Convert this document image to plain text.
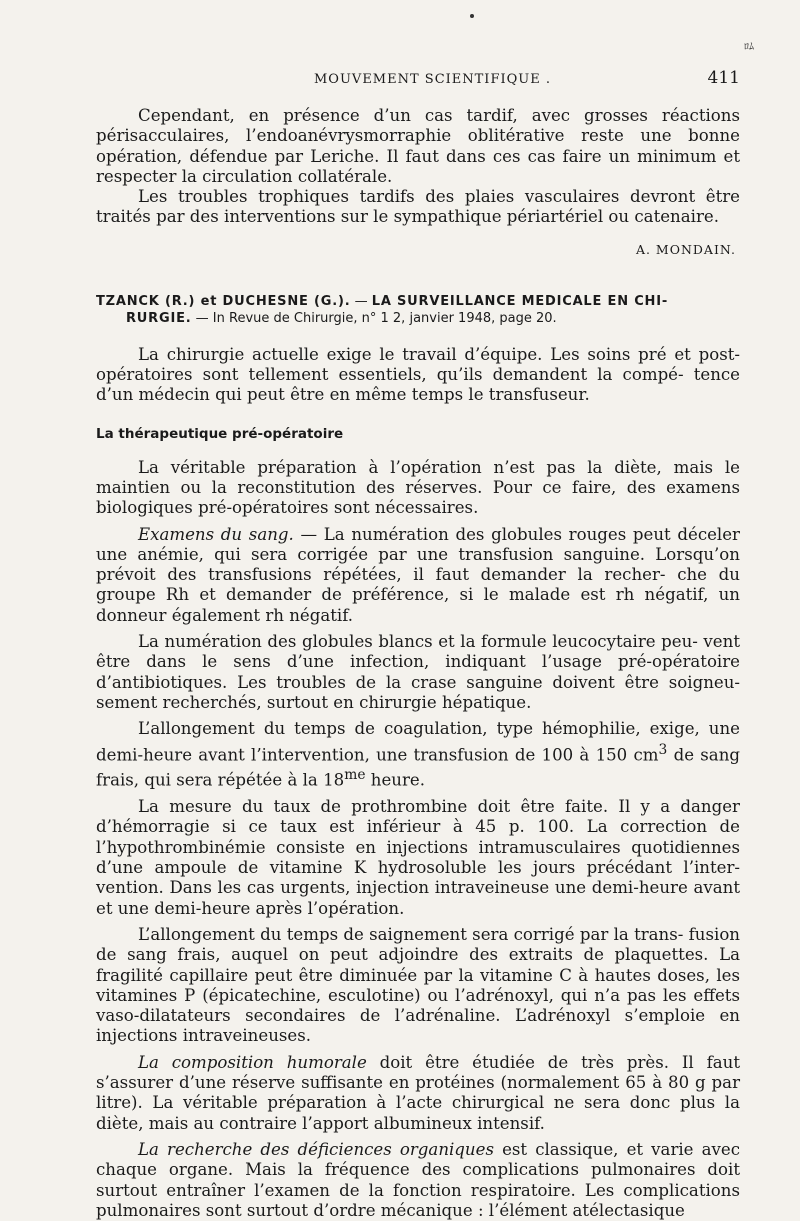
ﾛﾑ
MOUVEMENT SCIENTIFIQUE .	411

Cependant, en présence d’un cas tardif, avec grosses réactions périsacculaires, l’endoanévrysmorraphie oblitérative reste une bonne opération, défendue par Leriche. Il faut dans ces cas faire un minimum et respecter la circulation collatérale.

Les troubles trophiques tardifs des plaies vasculaires devront être traités par des interventions sur le sympathique périartériel ou catenaire.

A. MONDAIN.
TZANCK (R.) et DUCHESNE (G.). — LA SURVEILLANCE MEDICALE EN CHI-
RURGIE. — In Revue de Chirurgie, n° 1 2, janvier 1948, page 20.

La chirurgie actuelle exige le travail d’équipe. Les soins pré et post-opératoires sont tellement essentiels, qu’ils demandent la compé- tence d’un médecin qui peut être en même temps le transfuseur.

La thérapeutique pré-opératoire

La véritable préparation à l’opération n’est pas la diète, mais le maintien ou la reconstitution des réserves. Pour ce faire, des examens biologiques pré-opératoires sont nécessaires.

Examens du sang. — La numération des globules rouges peut déceler une anémie, qui sera corrigée par une transfusion sanguine. Lorsqu’on prévoit des transfusions répétées, il faut demander la recher- che du groupe Rh et demander de préférence, si le malade est rh négatif, un donneur également rh négatif.

La numération des globules blancs et la formule leucocytaire peu- vent être dans le sens d’une infection, indiquant l’usage pré-opératoire d’antibiotiques. Les troubles de la crase sanguine doivent être soigneu- sement recherchés, surtout en chirurgie hépatique.

L’allongement du temps de coagulation, type hémophilie, exige, une demi-heure avant l’intervention, une transfusion de 100 à 150 $cm^3$ de sang frais, qui sera répétée à la $18^{me}$ heure.

La mesure du taux de prothrombine doit être faite. Il y a danger d’hémorragie si ce taux est inférieur à 45 p. 100. La correction de l’hypothrombinémie consiste en injections intramusculaires quotidiennes d’une ampoule de vitamine K hydrosoluble les jours précédant l’inter- vention. Dans les cas urgents, injection intraveineuse une demi-heure avant et une demi-heure après l’opération.

L’allongement du temps de saignement sera corrigé par la trans- fusion de sang frais, auquel on peut adjoindre des extraits de plaquettes. La fragilité capillaire peut être diminuée par la vitamine C à hautes doses, les vitamines P (épicatechine, esculotine) ou l’adrénoxyl, qui n’a pas les effets vaso-dilatateurs secondaires de l’adrénaline. L’adrénoxyl s’emploie en injections intraveineuses.

La composition humorale doit être étudiée de très près. Il faut s’assurer d’une réserve suffisante en protéines (normalement 65 à 80 g par litre). La véritable préparation à l’acte chirurgical ne sera donc plus la diète, mais au contraire l’apport albumineux intensif.

La recherche des déficiences organiques est classique, et varie avec chaque organe. Mais la fréquence des complications pulmonaires doit surtout entraîner l’examen de la fonction respiratoire. Les complications pulmonaires sont surtout d’ordre mécanique : l’élément atélectasique
